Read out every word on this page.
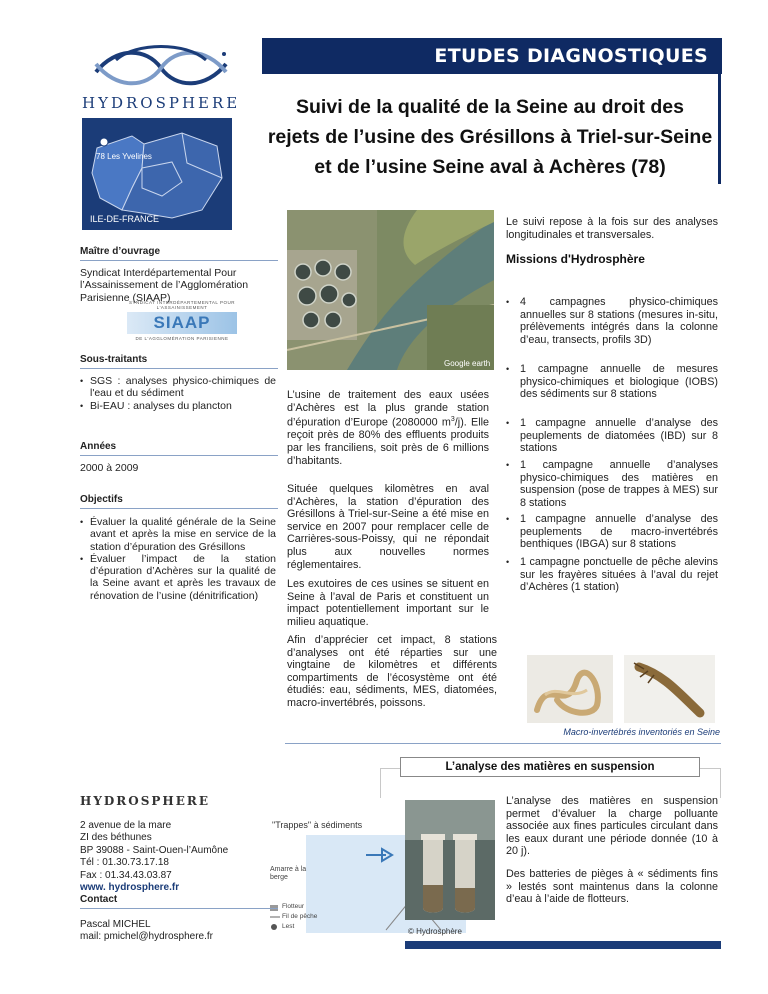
ETUDES DIAGNOSTIQUES
Suivi de la qualité de la Seine au droit des
rejets de l’usine des Grésillons à Triel-sur-Seine
et de l’usine Seine aval à Achères (78)
HYDROSPHERE
78 Les Yvelines
ILE-DE-FRANCE
Maître d’ouvrage
Syndicat Interdépartemental Pour l’Assainissement de l’Agglomération Parisienne (SIAAP)
SYNDICAT INTERDÉPARTEMENTAL POUR L'ASSAINISSEMENT
SIAAP
DE L'AGGLOMÉRATION PARISIENNE
Sous-traitants
• SGS : analyses physico-chimiques de l'eau et du sédiment
• Bi-EAU : analyses du plancton
Années
2000 à 2009
Objectifs
• Évaluer la qualité générale de la Seine avant et après la mise en service de la station d’épuration des Grésillons
• Évaluer l’impact de la station d’épuration d’Achères sur la qualité de la Seine avant et après les travaux de rénovation de l’usine (dénitrification)
Google earth
L’usine de traitement des eaux usées d’Achères est la plus grande station d’épuration d’Europe (2080000 $m^3/j$). Elle reçoit près de 80% des effluents produits par les franciliens, soit près de 6 millions d’habitants.
Située quelques kilomètres en aval d’Achères, la station d’épuration des Grésillons à Triel-sur-Seine a été mise en service en 2007 pour remplacer celle de Carrières-sous-Poissy, qui ne répondait plus aux nouvelles normes réglementaires.
Les exutoires de ces usines se situent en Seine à l’aval de Paris et constituent un impact potentiellement important sur le milieu aquatique.
Afin d’apprécier cet impact, 8 stations d’analyses ont été réparties sur une vingtaine de kilomètres et différents compartiments de l’écosystème ont été étudiés: eau, sédiments, MES, diatomées, macro-invertébrés, poissons.
Le suivi repose à la fois sur des analyses longitudinales et transversales.
Missions d'Hydrosphère
• 4 campagnes physico-chimiques annuelles sur 8 stations (mesures in-situ, prélèvements intégrés dans la colonne d’eau, transects, profils 3D)
• 1 campagne annuelle de mesures physico-chimiques et biologique (IOBS) des sédiments sur 8 stations
• 1 campagne annuelle d’analyse des peuplements de diatomées (IBD) sur 8 stations
• 1 campagne annuelle d’analyses physico-chimiques des matières en suspension (pose de trappes à MES) sur 8 stations
• 1 campagne annuelle d’analyse des peuplements de macro-invertébrés benthiques (IBGA) sur 8 stations
• 1 campagne ponctuelle de pêche alevins sur les frayères situées à l’aval du rejet d’Achères (1 station)
Macro-invertébrés inventoriés en Seine
L’analyse des matières en suspension
L’analyse des matières en suspension permet d’évaluer la charge polluante associée aux fines particules circulant dans les eaux durant une période donnée (10 à 20 j).
Des batteries de pièges à « sédiments fins » lestés sont maintenus dans la colonne d’eau à l’aide de flotteurs.
"Trappes" à sédiments
Amarre à la berge
Flotteur
Fil de pêche
Lest
© Hydrosphère
HYDROSPHERE
2 avenue de la mare
ZI des béthunes
BP 39088 - Saint-Ouen-l’Aumône
Tél : 01.30.73.17.18
Fax : 01.34.43.03.87
www. hydrosphere.fr
Contact
Pascal MICHEL
mail: pmichel@hydrosphere.fr
